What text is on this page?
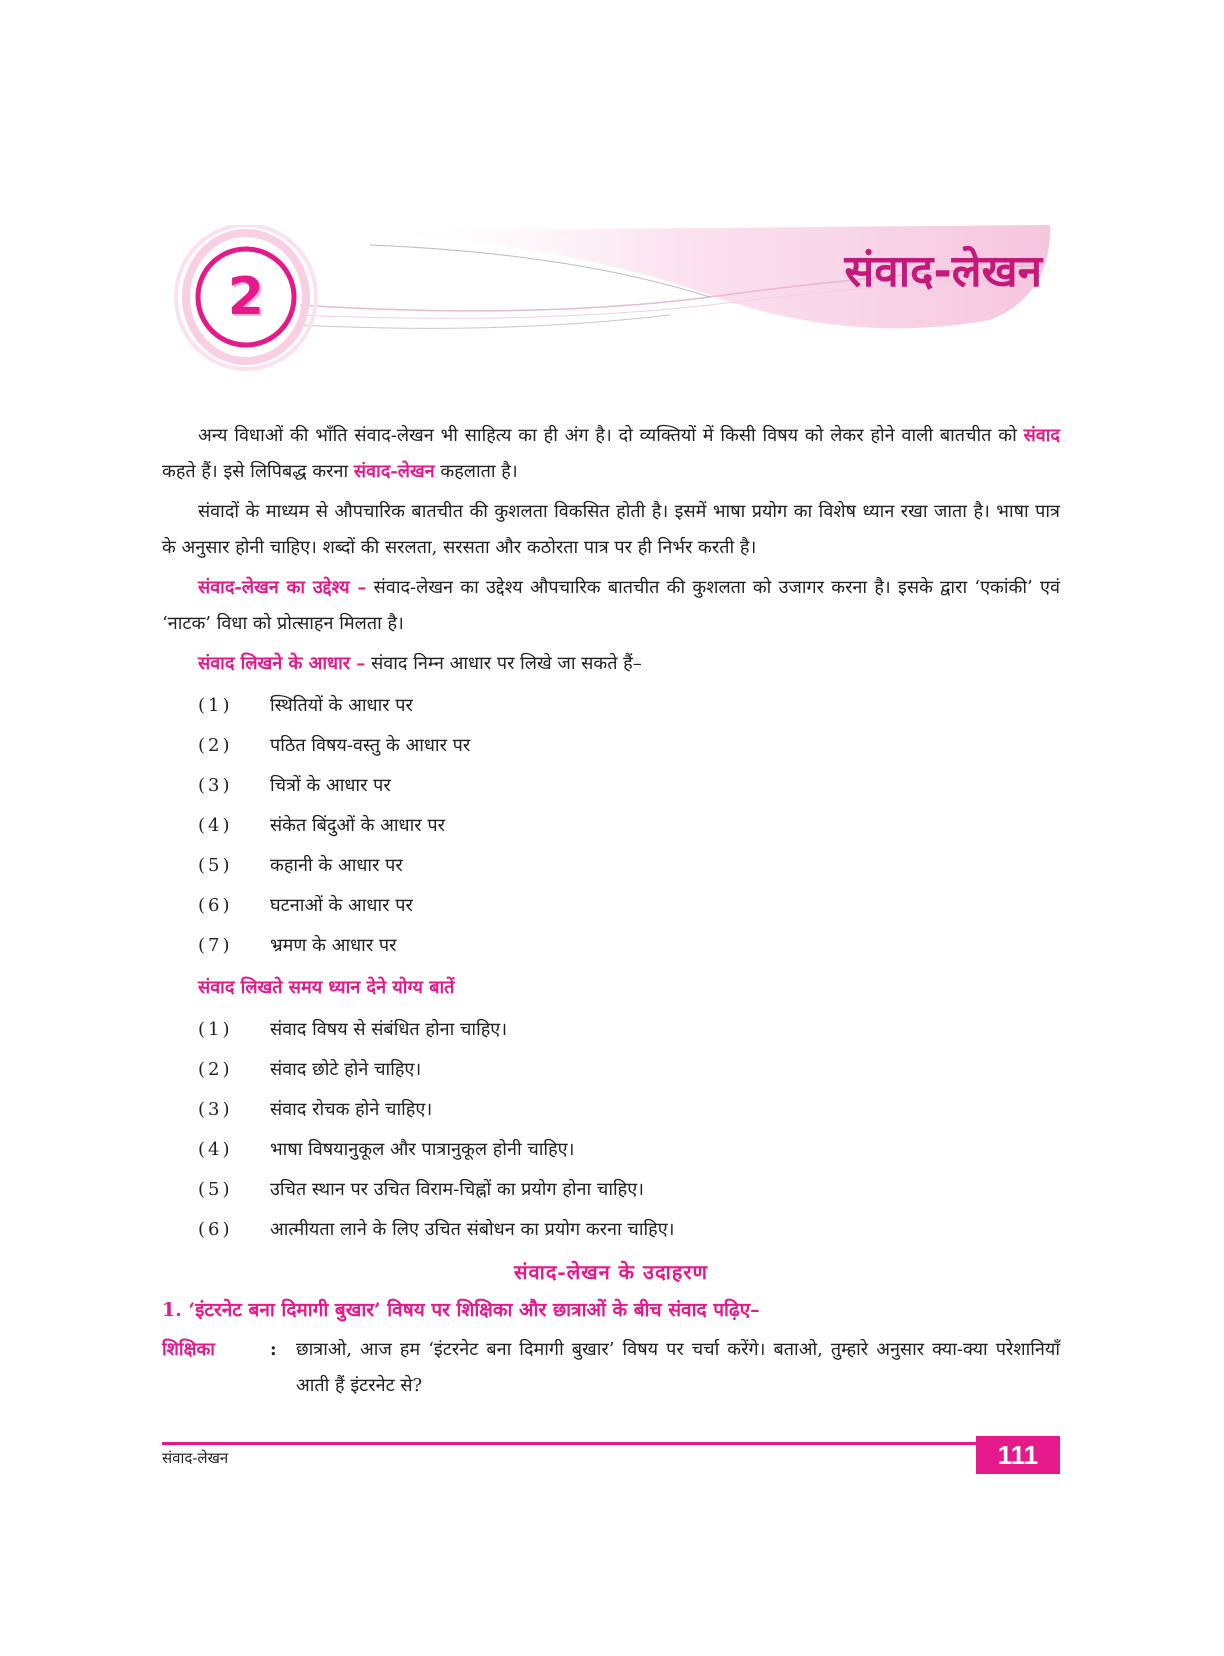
2	संवाद-लेखन

अन्य विधाओं की भाँति संवाद-लेखन भी साहित्य का ही अंग है। दो व्यक्तियों में किसी विषय को लेकर होने वाली बातचीत को संवाद कहते हैं। इसे लिपिबद्ध करना संवाद-लेखन कहलाता है।

संवादों के माध्यम से औपचारिक बातचीत की कुशलता विकसित होती है। इसमें भाषा प्रयोग का विशेष ध्यान रखा जाता है। भाषा पात्र के अनुसार होनी चाहिए। शब्दों की सरलता, सरसता और कठोरता पात्र पर ही निर्भर करती है।

संवाद-लेखन का उद्देश्य – संवाद-लेखन का उद्देश्य औपचारिक बातचीत की कुशलता को उजागर करना है। इसके द्वारा ‘एकांकी’ एवं ‘नाटक’ विधा को प्रोत्साहन मिलता है।

संवाद लिखने के आधार – संवाद निम्न आधार पर लिखे जा सकते हैं–

(1)	स्थितियों के आधार पर
(2)	पठित विषय-वस्तु के आधार पर
(3)	चित्रों के आधार पर
(4)	संकेत बिंदुओं के आधार पर
(5)	कहानी के आधार पर
(6)	घटनाओं के आधार पर
(7)	भ्रमण के आधार पर

संवाद लिखते समय ध्यान देने योग्य बातें

(1)	संवाद विषय से संबंधित होना चाहिए।
(2)	संवाद छोटे होने चाहिए।
(3)	संवाद रोचक होने चाहिए।
(4)	भाषा विषयानुकूल और पात्रानुकूल होनी चाहिए।
(5)	उचित स्थान पर उचित विराम-चिह्नों का प्रयोग होना चाहिए।
(6)	आत्मीयता लाने के लिए उचित संबोधन का प्रयोग करना चाहिए।
संवाद-लेखन के उदाहरण
1. ‘इंटरनेट बना दिमागी बुखार’ विषय पर शिक्षिका और छात्राओं के बीच संवाद पढ़िए–
शिक्षिका	:	छात्राओ, आज हम ‘इंटरनेट बना दिमागी बुखार’ विषय पर चर्चा करेंगे। बताओ, तुम्हारे अनुसार क्या-क्या परेशानियाँ आती हैं इंटरनेट से?
संवाद-लेखन	111
